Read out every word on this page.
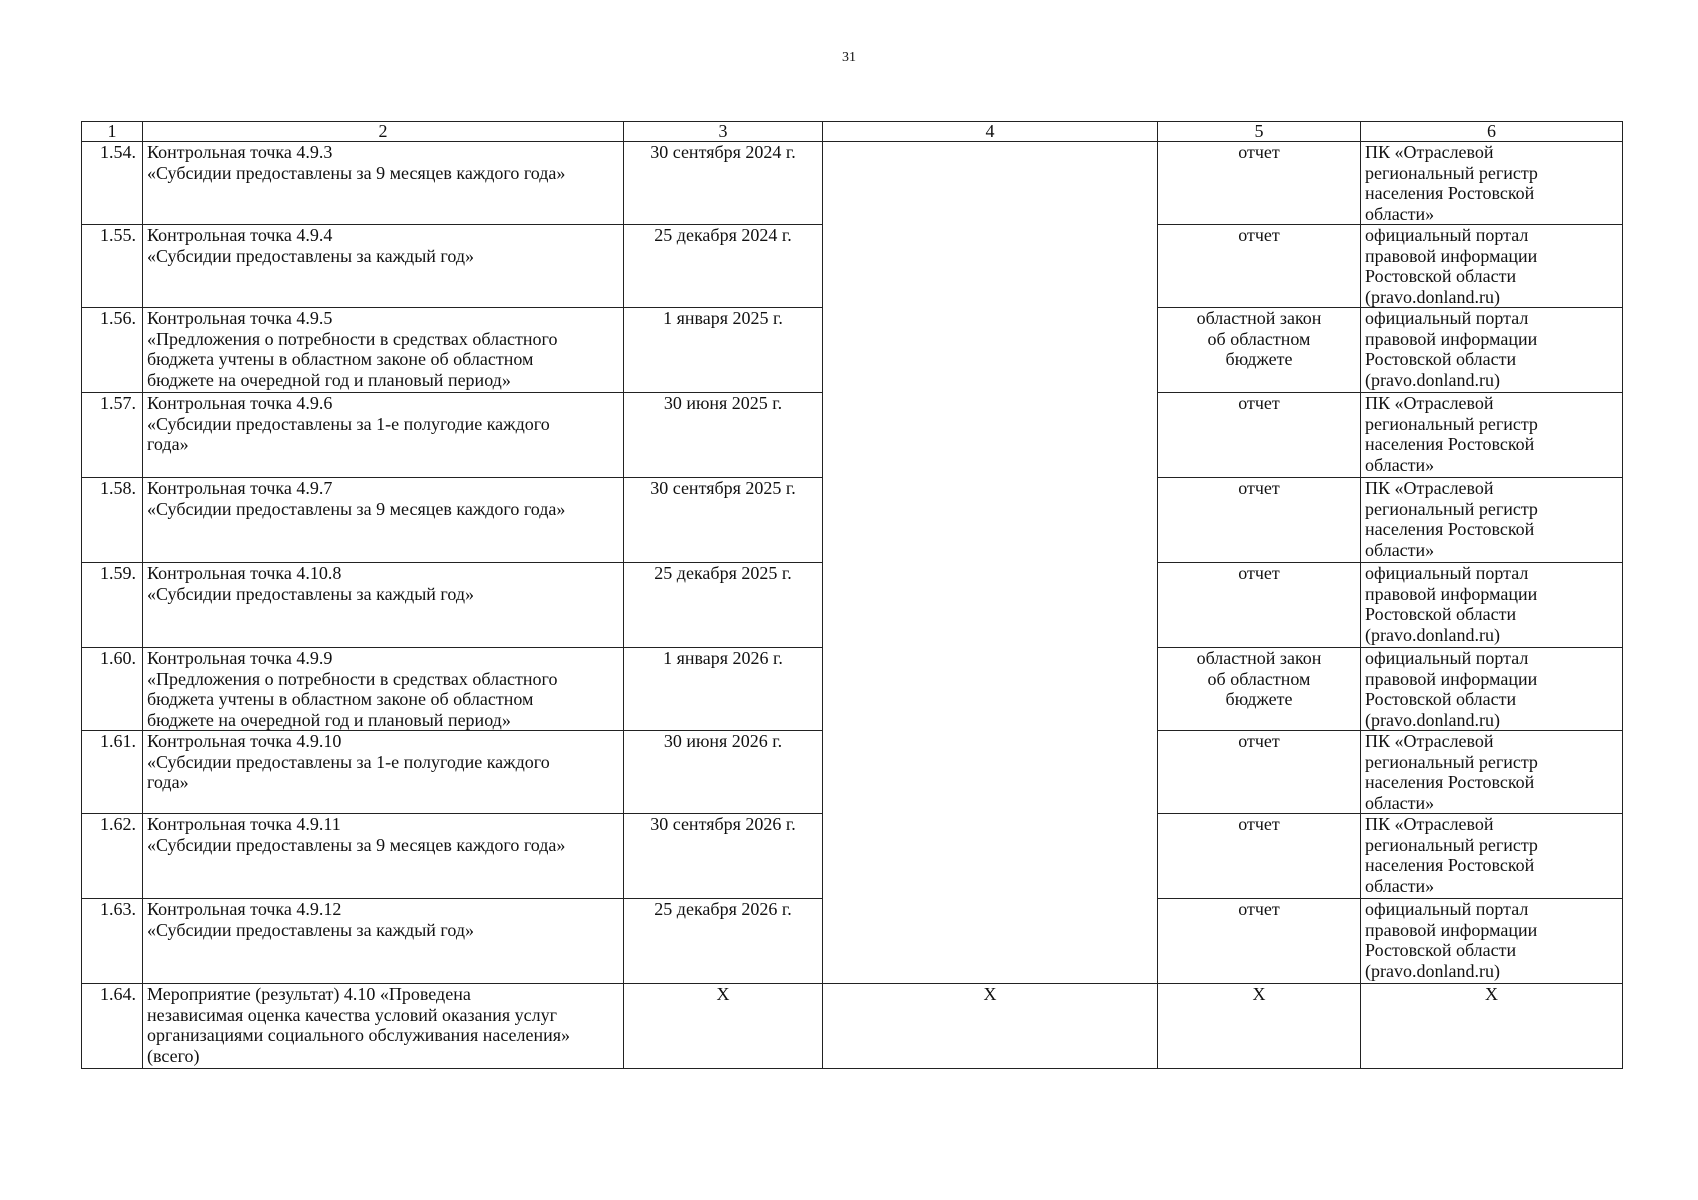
31
1	2	3	4	5	6
1.54.	Контрольная точка 4.9.3
«Субсидии предоставлены за 9 месяцев каждого года»	30 сентября 2024 г.		отчет	ПК «Отраслевой
региональный регистр
населения Ростовской
области»
1.55.	Контрольная точка 4.9.4
«Субсидии предоставлены за каждый год»	25 декабря 2024 г.		отчет	официальный портал
правовой информации
Ростовской области
(pravo.donland.ru)
1.56.	Контрольная точка 4.9.5
«Предложения о потребности в средствах областного
бюджета учтены в областном законе об областном
бюджете на очередной год и плановый период»	1 января 2025 г.		областной закон
об областном
бюджете	официальный портал
правовой информации
Ростовской области
(pravo.donland.ru)
1.57.	Контрольная точка 4.9.6
«Субсидии предоставлены за 1-е полугодие каждого
года»	30 июня 2025 г.		отчет	ПК «Отраслевой
региональный регистр
населения Ростовской
области»
1.58.	Контрольная точка 4.9.7
«Субсидии предоставлены за 9 месяцев каждого года»	30 сентября 2025 г.		отчет	ПК «Отраслевой
региональный регистр
населения Ростовской
области»
1.59.	Контрольная точка 4.10.8
«Субсидии предоставлены за каждый год»	25 декабря 2025 г.		отчет	официальный портал
правовой информации
Ростовской области
(pravo.donland.ru)
1.60.	Контрольная точка 4.9.9
«Предложения о потребности в средствах областного
бюджета учтены в областном законе об областном
бюджете на очередной год и плановый период»	1 января 2026 г.		областной закон
об областном
бюджете	официальный портал
правовой информации
Ростовской области
(pravo.donland.ru)
1.61.	Контрольная точка 4.9.10
«Субсидии предоставлены за 1-е полугодие каждого
года»	30 июня 2026 г.		отчет	ПК «Отраслевой
региональный регистр
населения Ростовской
области»
1.62.	Контрольная точка 4.9.11
«Субсидии предоставлены за 9 месяцев каждого года»	30 сентября 2026 г.		отчет	ПК «Отраслевой
региональный регистр
населения Ростовской
области»
1.63.	Контрольная точка 4.9.12
«Субсидии предоставлены за каждый год»	25 декабря 2026 г.		отчет	официальный портал
правовой информации
Ростовской области
(pravo.donland.ru)
1.64.	Мероприятие (результат) 4.10 «Проведена
независимая оценка качества условий оказания услуг
организациями социального обслуживания населения»
(всего)	Х	Х	Х	Х
